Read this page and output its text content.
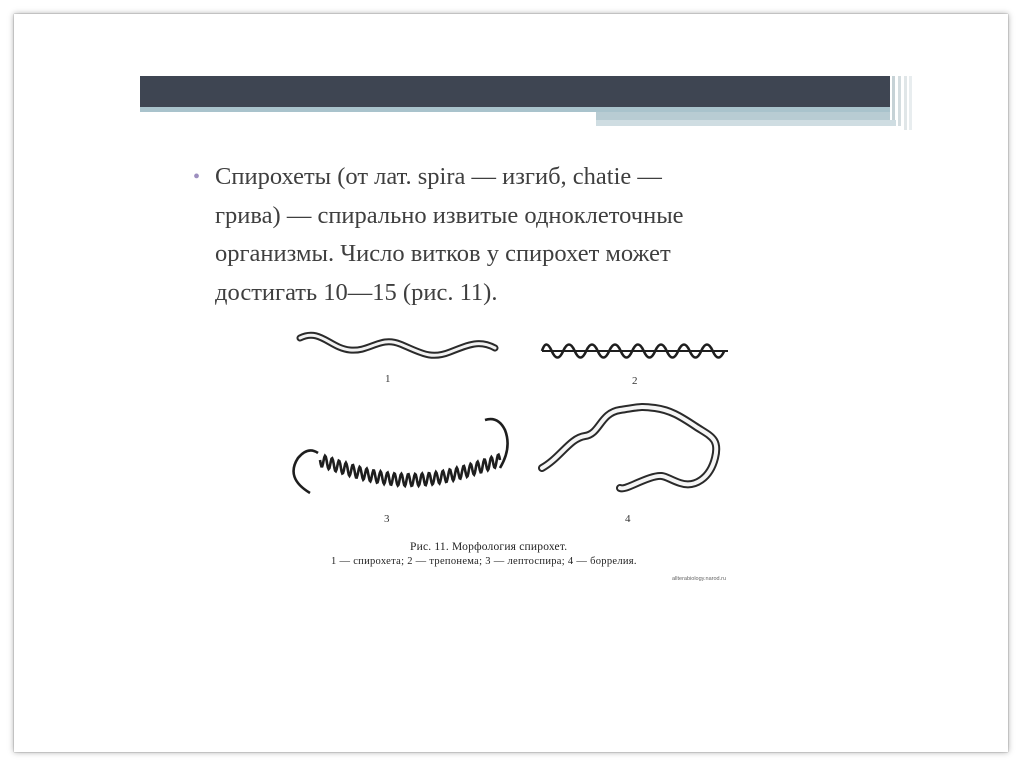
• Спирохеты (от лат. spira — изгиб, chatie —
грива) — спирально извитые одноклеточные
организмы. Число витков у спирохет может
достигать 10—15 (рис. 11).
1	2
3	4
Рис. 11. Морфология спирохет.
1 — спирохета; 2 — трепонема; 3 — лептоспира; 4 — боррелия.
allterabiology.narod.ru
